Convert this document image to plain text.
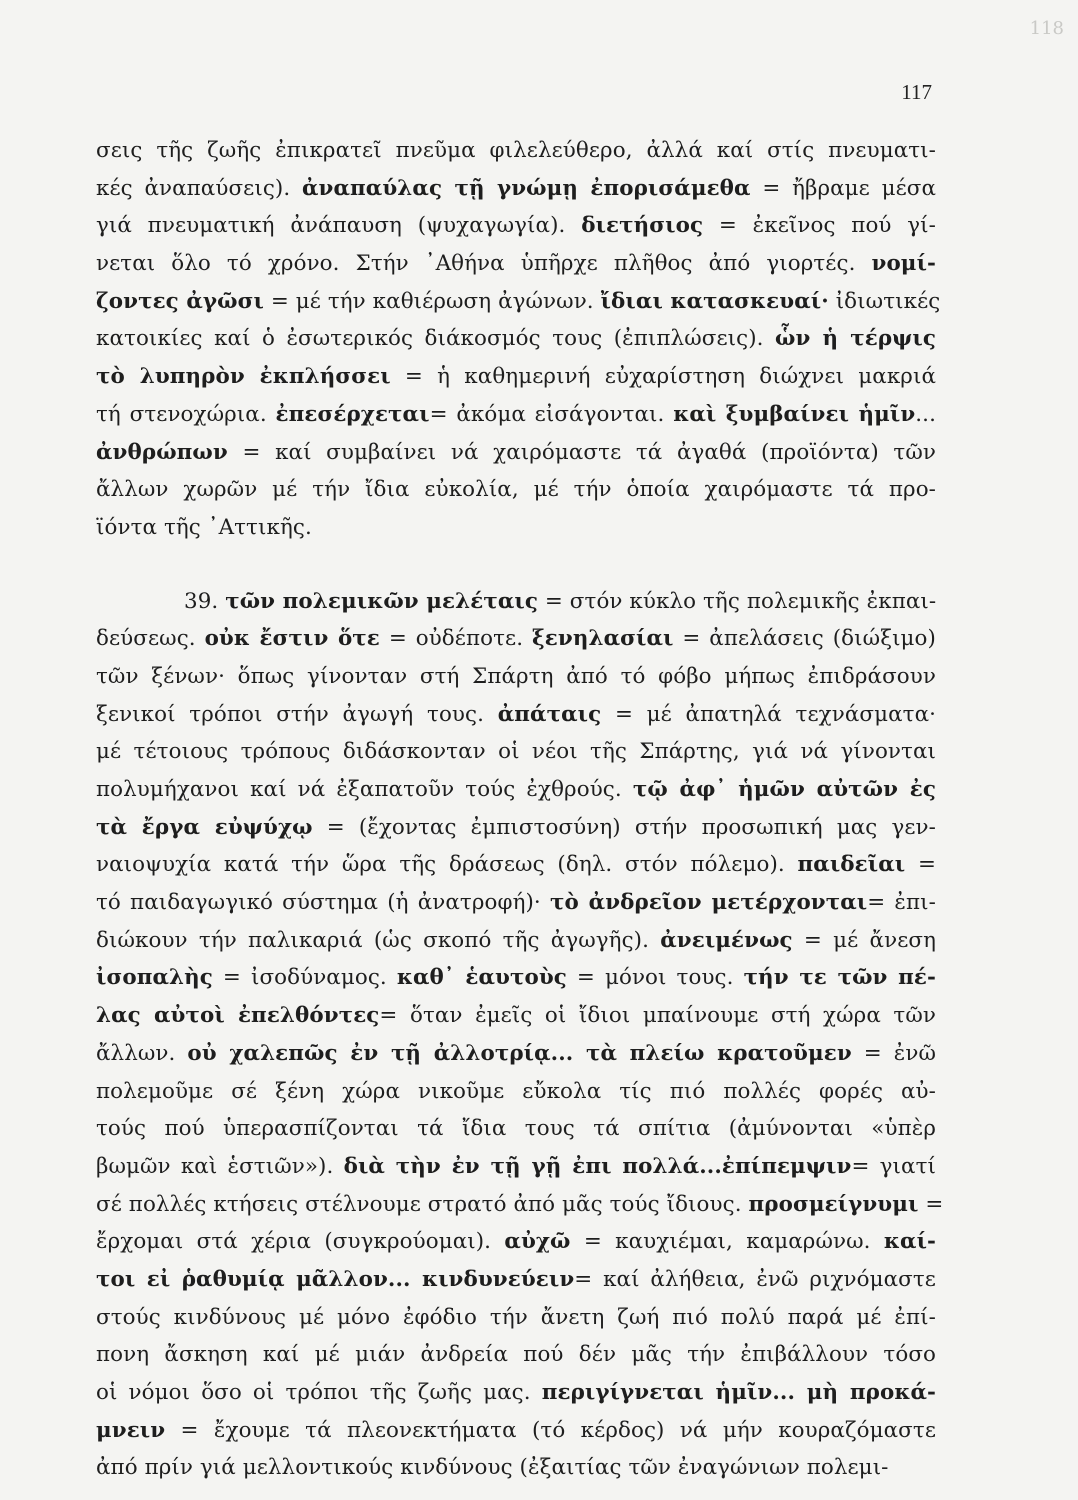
118
117
σεις τῆς ζωῆς ἐπικρατεῖ πνεῦμα φιλελεύθερο, ἀλλά καί στίς πνευματι-
κές ἀναπαύσεις). ἀναπαύλας τῇ γνώμῃ ἐπορισάμεθα = ἤβραμε μέσα
γιά πνευματική ἀνάπαυση (ψυχαγωγία). διετήσιος = ἐκεῖνος πού γί-
νεται ὅλο τό χρόνο. Στήν ᾿Αθήνα ὑπῆρχε πλῆθος ἀπό γιορτές. νομί-
ζοντες ἀγῶσι = μέ τήν καθιέρωση ἀγώνων. ἴδιαι κατασκευαί· ἰδιωτικές
κατοικίες καί ὁ ἐσωτερικός διάκοσμός τους (ἐπιπλώσεις). ὧν ἡ τέρψις
τὸ λυπηρὸν ἐκπλήσσει = ἡ καθημερινή εὐχαρίστηση διώχνει μακριά
τή στενοχώρια. ἐπεσέρχεται= ἀκόμα εἰσάγονται. καὶ ξυμβαίνει ἡμῖν...
ἀνθρώπων = καί συμβαίνει νά χαιρόμαστε τά ἀγαθά (προϊόντα) τῶν
ἄλλων χωρῶν μέ τήν ἴδια εὐκολία, μέ τήν ὁποία χαιρόμαστε τά προ-
ϊόντα τῆς ᾿Αττικῆς.
39. τῶν πολεμικῶν μελέταις = στόν κύκλο τῆς πολεμικῆς ἐκπαι-
δεύσεως. οὐκ ἔστιν ὅτε = οὐδέποτε. ξενηλασίαι = ἀπελάσεις (διώξιμο)
τῶν ξένων· ὅπως γίνονταν στή Σπάρτη ἀπό τό φόβο μήπως ἐπιδράσουν
ξενικοί τρόποι στήν ἀγωγή τους. ἀπάταις = μέ ἀπατηλά τεχνάσματα·
μέ τέτοιους τρόπους διδάσκονταν οἱ νέοι τῆς Σπάρτης, γιά νά γίνονται
πολυμήχανοι καί νά ἐξαπατοῦν τούς ἐχθρούς. τῷ ἀφ᾿ ἡμῶν αὐτῶν ἐς
τὰ ἔργα εὐψύχῳ = (ἔχοντας ἐμπιστοσύνη) στήν προσωπική μας γεν-
ναιοψυχία κατά τήν ὥρα τῆς δράσεως (δηλ. στόν πόλεμο). παιδεῖαι =
τό παιδαγωγικό σύστημα (ἡ ἀνατροφή)· τὸ ἀνδρεῖον μετέρχονται= ἐπι-
διώκουν τήν παλικαριά (ὡς σκοπό τῆς ἀγωγῆς). ἀνειμένως = μέ ἄνεση
ἰσοπαλὴς = ἰσοδύναμος. καθ᾿ ἑαυτοὺς = μόνοι τους. τήν τε τῶν πέ-
λας αὐτοὶ ἐπελθόντες= ὅταν ἐμεῖς οἱ ἴδιοι μπαίνουμε στή χώρα τῶν
ἄλλων. οὐ χαλεπῶς ἐν τῇ ἀλλοτρίᾳ... τὰ πλείω κρατοῦμεν = ἐνῶ
πολεμοῦμε σέ ξένη χώρα νικοῦμε εὔκολα τίς πιό πολλές φορές αὐ-
τούς πού ὑπερασπίζονται τά ἴδια τους τά σπίτια (ἀμύνονται «ὑπὲρ
βωμῶν καὶ ἑστιῶν»). διὰ τὴν ἐν τῇ γῇ ἐπι πολλά...ἐπίπεμψιν= γιατί
σέ πολλές κτήσεις στέλνουμε στρατό ἀπό μᾶς τούς ἴδιους. προσμείγνυμι =
ἔρχομαι στά χέρια (συγκρούομαι). αὐχῶ = καυχιέμαι, καμαρώνω. καί-
τοι εἰ ῥαθυμίᾳ μᾶλλον... κινδυνεύειν= καί ἀλήθεια, ἐνῶ ριχνόμαστε
στούς κινδύνους μέ μόνο ἐφόδιο τήν ἄνετη ζωή πιό πολύ παρά μέ ἐπί-
πονη ἄσκηση καί μέ μιάν ἀνδρεία πού δέν μᾶς τήν ἐπιβάλλουν τόσο
οἱ νόμοι ὅσο οἱ τρόποι τῆς ζωῆς μας. περιγίγνεται ἡμῖν... μὴ προκά-
μνειν = ἔχουμε τά πλεονεκτήματα (τό κέρδος) νά μήν κουραζόμαστε
ἀπό πρίν γιά μελλοντικούς κινδύνους (ἐξαιτίας τῶν ἐναγώνιων πολεμι-
